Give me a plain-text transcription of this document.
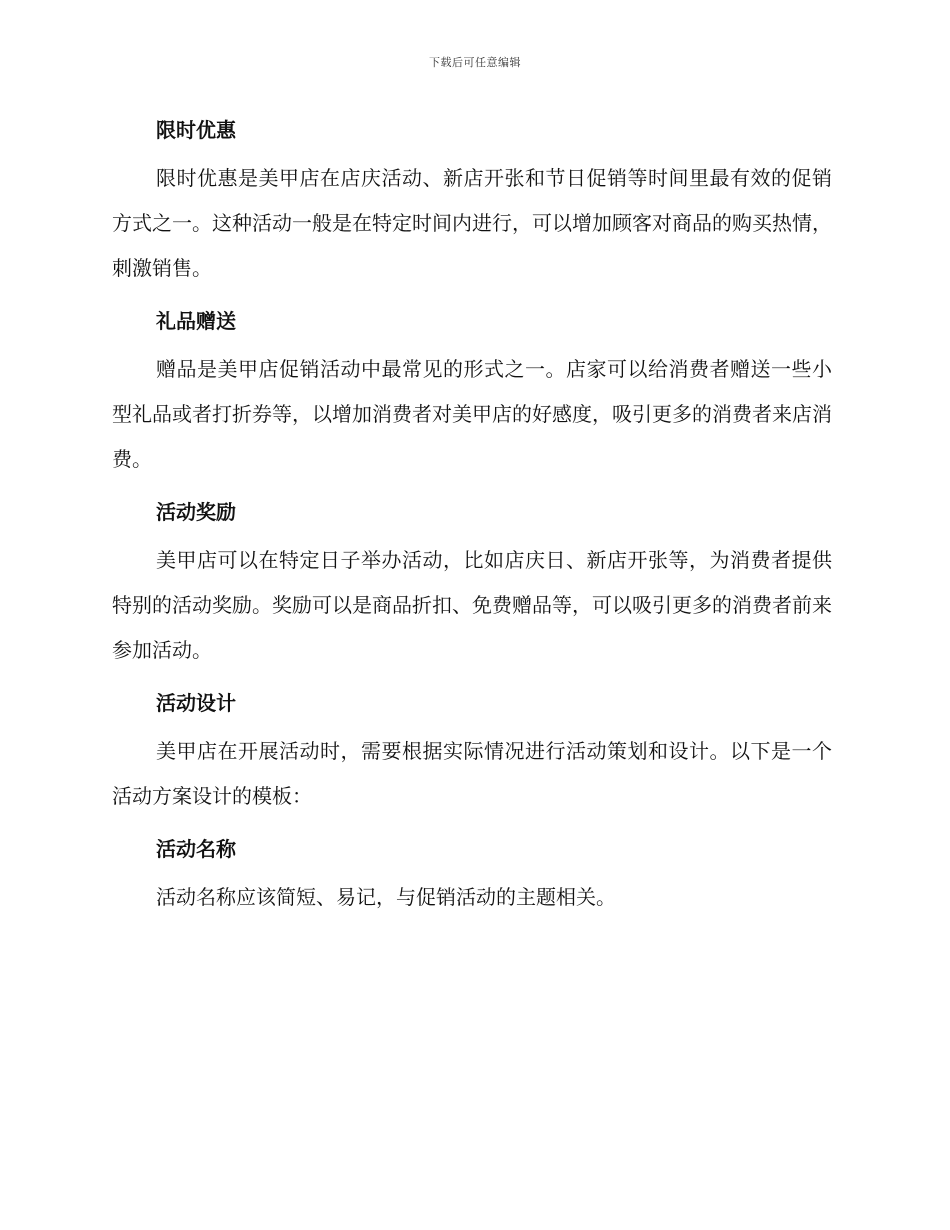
下载后可任意编辑
限时优惠

限时优惠是美甲店在店庆活动、新店开张和节日促销等时间里最有效的促销方式之一。这种活动一般是在特定时间内进行，可以增加顾客对商品的购买热情，刺激销售。

礼品赠送

赠品是美甲店促销活动中最常见的形式之一。店家可以给消费者赠送一些小型礼品或者打折券等，以增加消费者对美甲店的好感度，吸引更多的消费者来店消费。

活动奖励

美甲店可以在特定日子举办活动，比如店庆日、新店开张等，为消费者提供特别的活动奖励。奖励可以是商品折扣、免费赠品等，可以吸引更多的消费者前来参加活动。

活动设计

美甲店在开展活动时，需要根据实际情况进行活动策划和设计。以下是一个活动方案设计的模板：

活动名称

活动名称应该简短、易记，与促销活动的主题相关。
